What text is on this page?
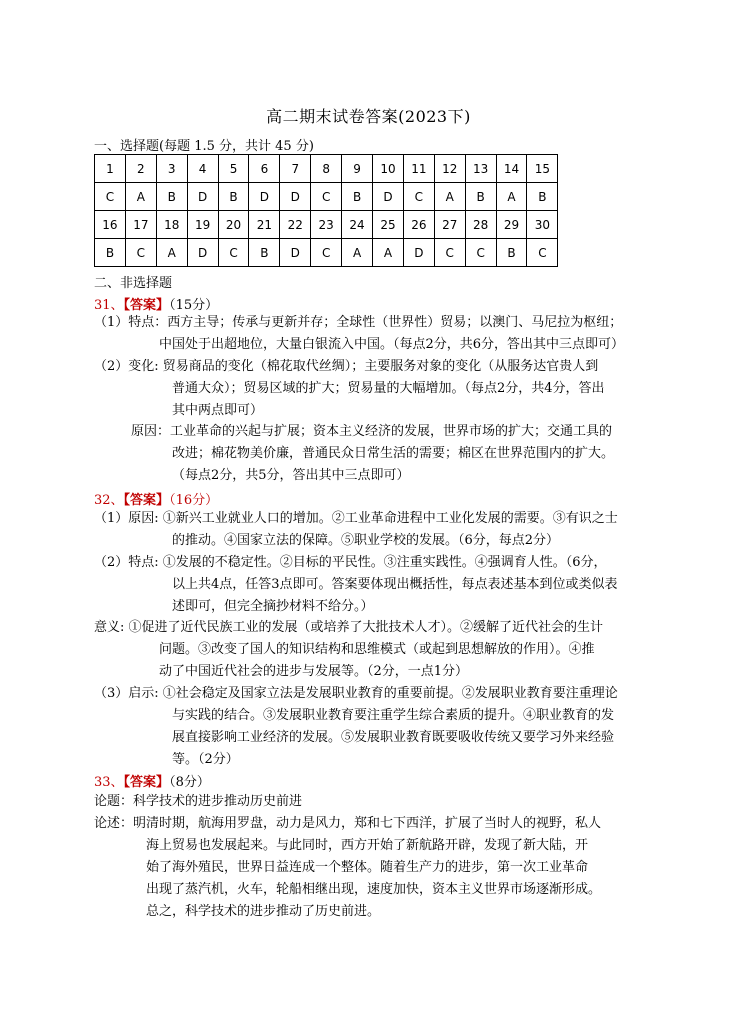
高二期末试卷答案(2023下)
一、选择题(每题 1.5 分，共计 45 分)
1	2	3	4	5	6	7	8	9	10	11	12	13	14	15
C	A	B	D	B	D	D	C	B	D	C	A	B	A	B
16	17	18	19	20	21	22	23	24	25	26	27	28	29	30
B	C	A	D	C	B	D	C	A	A	D	C	C	B	C
二、非选择题
31、【答案】（15分）
（1）特点：西方主导；传承与更新并存；全球性（世界性）贸易；以澳门、马尼拉为枢纽；
中国处于出超地位，大量白银流入中国。（每点2分，共6分，答出其中三点即可）
（2）变化: 贸易商品的变化（棉花取代丝绸）；主要服务对象的变化（从服务达官贵人到
普通大众）；贸易区域的扩大；贸易量的大幅增加。（每点2分，共4分，答出
其中两点即可）
原因：工业革命的兴起与扩展；资本主义经济的发展，世界市场的扩大；交通工具的
改进；棉花物美价廉，普通民众日常生活的需要；棉区在世界范围内的扩大。
（每点2分，共5分，答出其中三点即可）
32、【答案】（16分）
（1）原因: ①新兴工业就业人口的增加。②工业革命进程中工业化发展的需要。③有识之士
的推动。④国家立法的保障。⑤职业学校的发展。（6分，每点2分）
（2）特点: ①发展的不稳定性。②目标的平民性。③注重实践性。④强调育人性。（6分，
以上共4点，任答3点即可。答案要体现出概括性，每点表述基本到位或类似表
述即可，但完全摘抄材料不给分。）
意义: ①促进了近代民族工业的发展（或培养了大批技术人才）。②缓解了近代社会的生计
问题。③改变了国人的知识结构和思维模式（或起到思想解放的作用）。④推
动了中国近代社会的进步与发展等。（2分，一点1分）
（3）启示: ①社会稳定及国家立法是发展职业教育的重要前提。②发展职业教育要注重理论
与实践的结合。③发展职业教育要注重学生综合素质的提升。④职业教育的发
展直接影响工业经济的发展。⑤发展职业教育既要吸收传统又要学习外来经验
等。（2分）
33、【答案】（8分）
论题：科学技术的进步推动历史前进
论述：明清时期，航海用罗盘，动力是风力，郑和七下西洋，扩展了当时人的视野，私人
海上贸易也发展起来。与此同时，西方开始了新航路开辟，发现了新大陆，开
始了海外殖民，世界日益连成一个整体。随着生产力的进步，第一次工业革命
出现了蒸汽机，火车，轮船相继出现，速度加快，资本主义世界市场逐渐形成。
总之，科学技术的进步推动了历史前进。
